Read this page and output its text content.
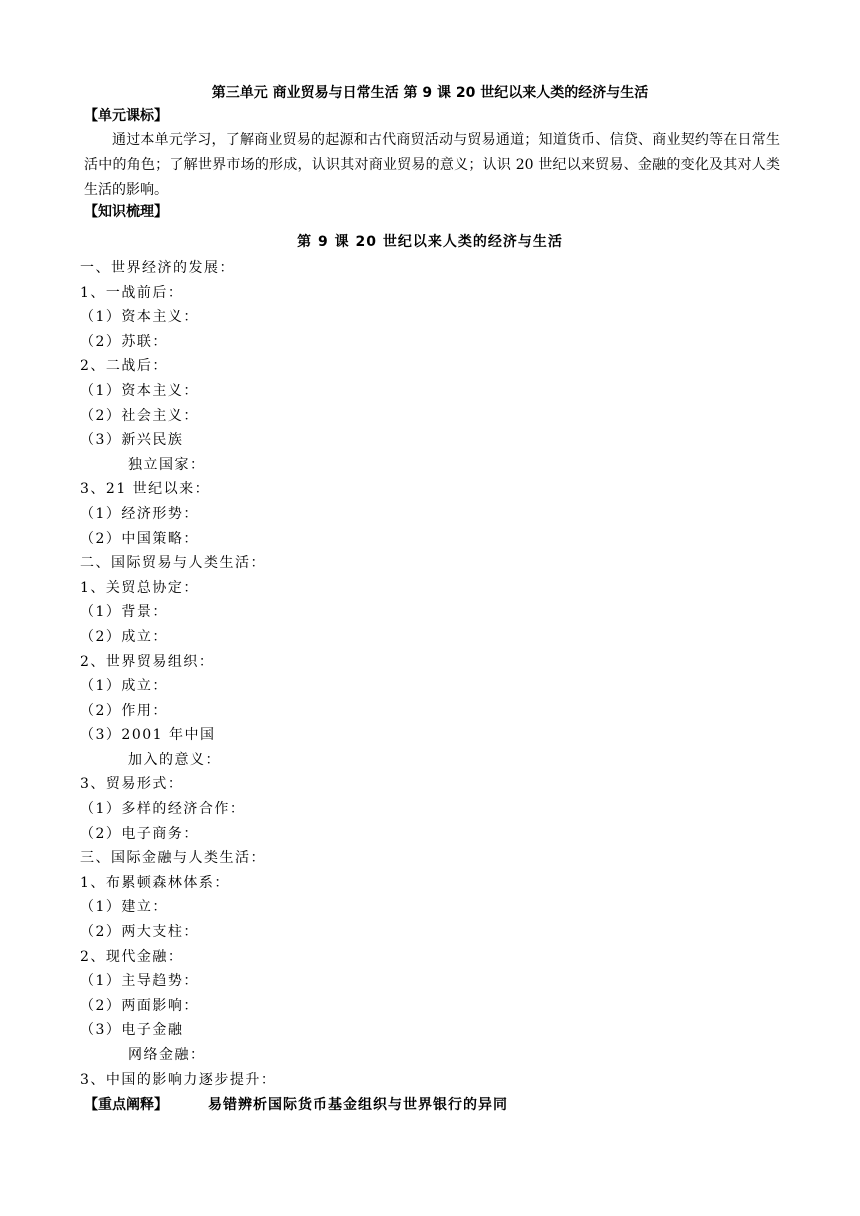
第三单元 商业贸易与日常生活 第 9 课 20 世纪以来人类的经济与生活
【单元课标】
通过本单元学习，了解商业贸易的起源和古代商贸活动与贸易通道；知道货币、信贷、商业契约等在日常生活中的角色；了解世界市场的形成，认识其对商业贸易的意义；认识 20 世纪以来贸易、金融的变化及其对人类生活的影响。
【知识梳理】
第 9 课 20 世纪以来人类的经济与生活
一、世界经济的发展：
1、一战前后：
（1）资本主义：
（2）苏联：
2、二战后：
（1）资本主义：
（2）社会主义：
（3）新兴民族
独立国家：
3、21 世纪以来：
（1）经济形势：
（2）中国策略：
二、国际贸易与人类生活：
1、关贸总协定：
（1）背景：
（2）成立：
2、世界贸易组织：
（1）成立：
（2）作用：
（3）2001 年中国
加入的意义：
3、贸易形式：
（1）多样的经济合作：
（2）电子商务：
三、国际金融与人类生活：
1、布累顿森林体系：
（1）建立：
（2）两大支柱：
2、现代金融：
（1）主导趋势：
（2）两面影响：
（3）电子金融
网络金融：
3、中国的影响力逐步提升：
【重点阐释】	易错辨析国际货币基金组织与世界银行的异同
